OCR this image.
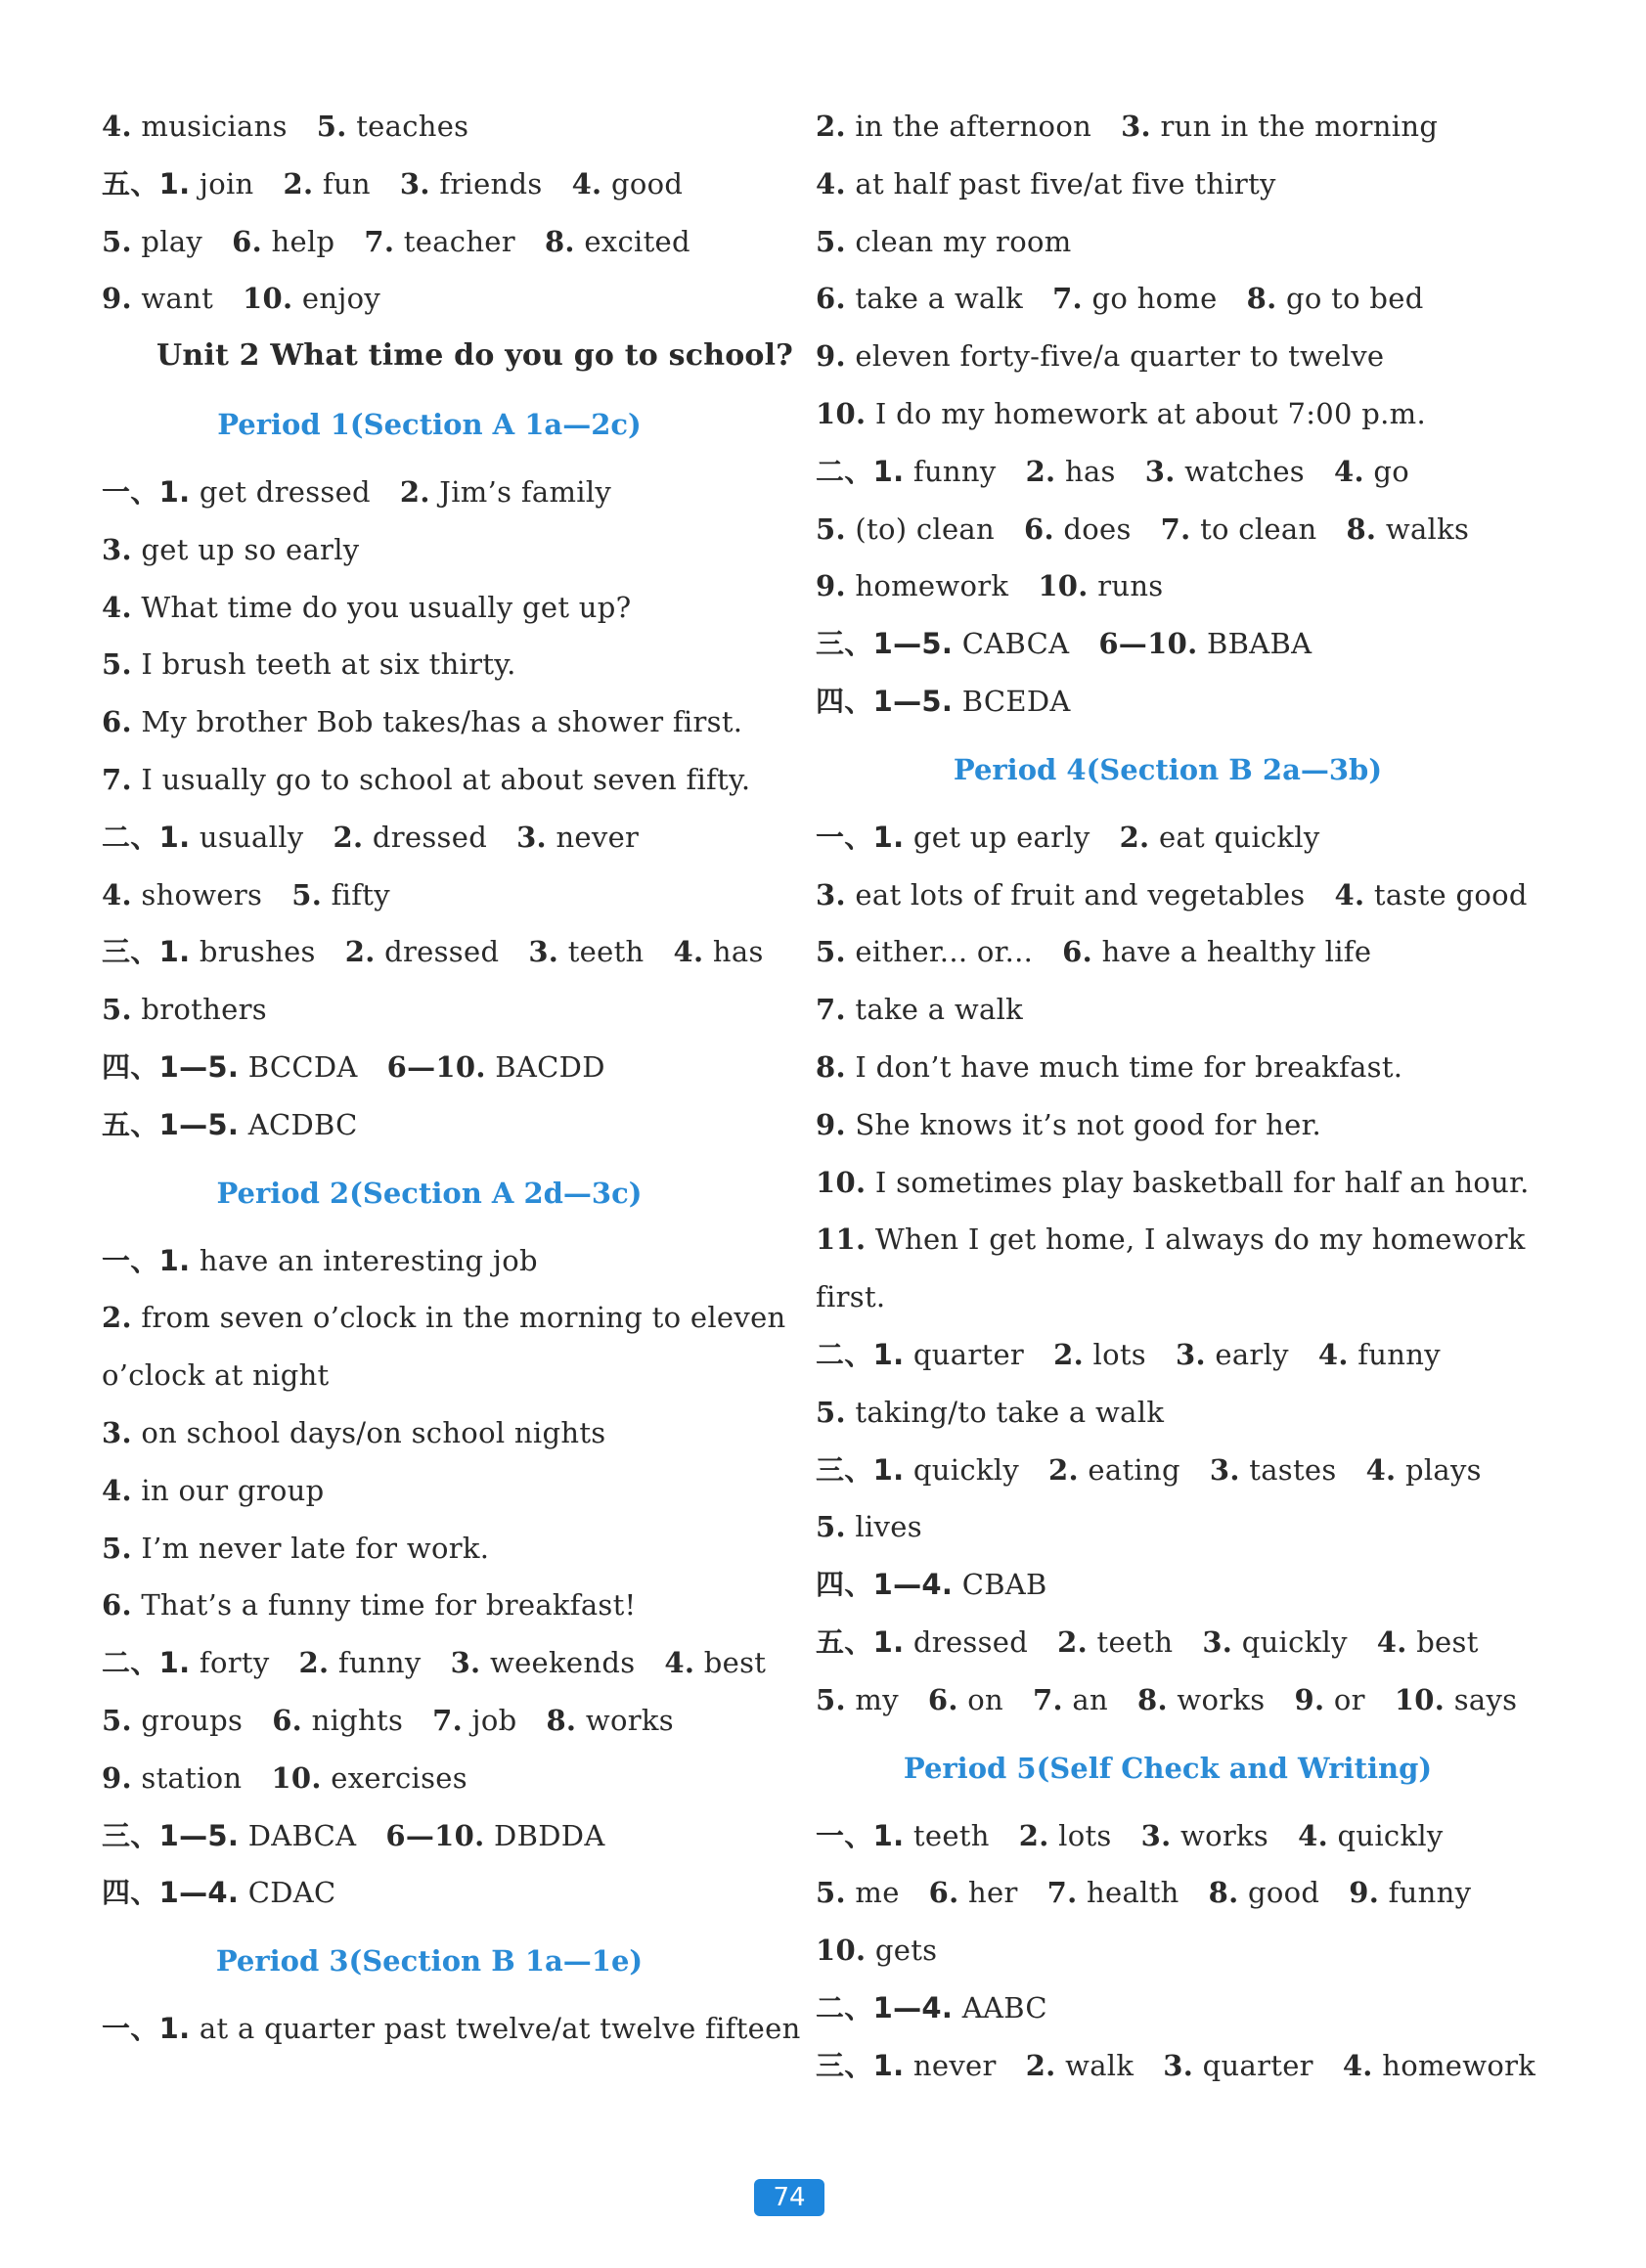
4. musicians 5. teaches
五、1. join 2. fun 3. friends 4. good
5. play 6. help 7. teacher 8. excited
9. want 10. enjoy
Unit 2 What time do you go to school?
Period 1(Section A 1a—2c)
一、1. get dressed 2. Jim’s family
3. get up so early
4. What time do you usually get up?
5. I brush teeth at six thirty.
6. My brother Bob takes/has a shower first.
7. I usually go to school at about seven fifty.
二、1. usually 2. dressed 3. never
4. showers 5. fifty
三、1. brushes 2. dressed 3. teeth 4. has
5. brothers
四、1—5. BCCDA 6—10. BACDD
五、1—5. ACDBC
Period 2(Section A 2d—3c)
一、1. have an interesting job
2. from seven o’clock in the morning to eleven
o’clock at night
3. on school days/on school nights
4. in our group
5. I’m never late for work.
6. That’s a funny time for breakfast!
二、1. forty 2. funny 3. weekends 4. best
5. groups 6. nights 7. job 8. works
9. station 10. exercises
三、1—5. DABCA 6—10. DBDDA
四、1—4. CDAC
Period 3(Section B 1a—1e)
一、1. at a quarter past twelve/at twelve fifteen
2. in the afternoon 3. run in the morning
4. at half past five/at five thirty
5. clean my room
6. take a walk 7. go home 8. go to bed
9. eleven forty-five/a quarter to twelve
10. I do my homework at about 7:00 p.m.
二、1. funny 2. has 3. watches 4. go
5. (to) clean 6. does 7. to clean 8. walks
9. homework 10. runs
三、1—5. CABCA 6—10. BBABA
四、1—5. BCEDA
Period 4(Section B 2a—3b)
一、1. get up early 2. eat quickly
3. eat lots of fruit and vegetables 4. taste good
5. either... or... 6. have a healthy life
7. take a walk
8. I don’t have much time for breakfast.
9. She knows it’s not good for her.
10. I sometimes play basketball for half an hour.
11. When I get home, I always do my homework
first.
二、1. quarter 2. lots 3. early 4. funny
5. taking/to take a walk
三、1. quickly 2. eating 3. tastes 4. plays
5. lives
四、1—4. CBAB
五、1. dressed 2. teeth 3. quickly 4. best
5. my 6. on 7. an 8. works 9. or 10. says
Period 5(Self Check and Writing)
一、1. teeth 2. lots 3. works 4. quickly
5. me 6. her 7. health 8. good 9. funny
10. gets
二、1—4. AABC
三、1. never 2. walk 3. quarter 4. homework
74
